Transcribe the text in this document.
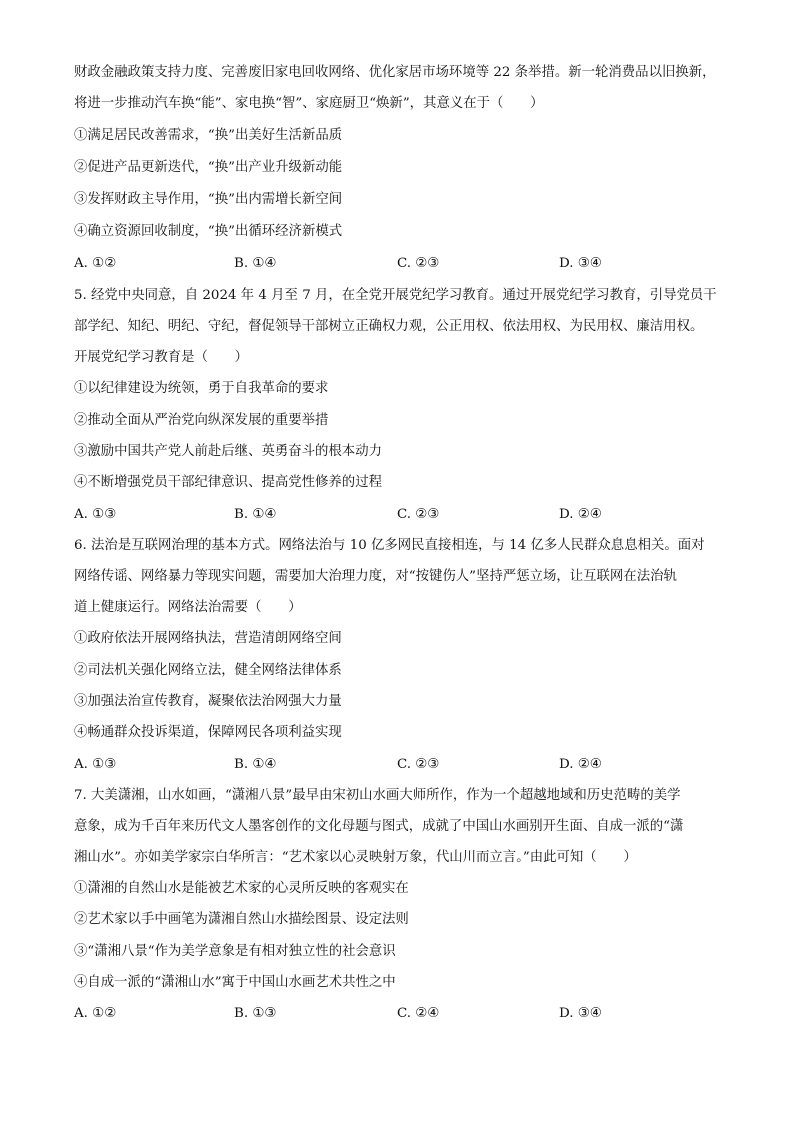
财政金融政策支持力度、完善废旧家电回收网络、优化家居市场环境等 22 条举措。新一轮消费品以旧换新，
将进一步推动汽车换“能”、家电换“智”、家庭厨卫“焕新”，其意义在于（　　）
①满足居民改善需求，“换”出美好生活新品质
②促进产品更新迭代，“换”出产业升级新动能
③发挥财政主导作用，“换”出内需增长新空间
④确立资源回收制度，“换”出循环经济新模式
A. ①②	B. ①④	C. ②③	D. ③④
5. 经党中央同意，自 2024 年 4 月至 7 月，在全党开展党纪学习教育。通过开展党纪学习教育，引导党员干
部学纪、知纪、明纪、守纪，督促领导干部树立正确权力观，公正用权、依法用权、为民用权、廉洁用权。
开展党纪学习教育是（　　）
①以纪律建设为统领，勇于自我革命的要求
②推动全面从严治党向纵深发展的重要举措
③激励中国共产党人前赴后继、英勇奋斗的根本动力
④不断增强党员干部纪律意识、提高党性修养的过程
A. ①③	B. ①④	C. ②③	D. ②④
6. 法治是互联网治理的基本方式。网络法治与 10 亿多网民直接相连，与 14 亿多人民群众息息相关。面对
网络传谣、网络暴力等现实问题，需要加大治理力度，对“按键伤人”坚持严惩立场，让互联网在法治轨
道上健康运行。网络法治需要（　　）
①政府依法开展网络执法，营造清朗网络空间
②司法机关强化网络立法，健全网络法律体系
③加强法治宣传教育，凝聚依法治网强大力量
④畅通群众投诉渠道，保障网民各项利益实现
A. ①③	B. ①④	C. ②③	D. ②④
7. 大美潇湘，山水如画，“潇湘八景”最早由宋初山水画大师所作，作为一个超越地域和历史范畴的美学
意象，成为千百年来历代文人墨客创作的文化母题与图式，成就了中国山水画别开生面、自成一派的“潇
湘山水”。亦如美学家宗白华所言：“艺术家以心灵映射万象，代山川而立言。”由此可知（　　）
①潇湘的自然山水是能被艺术家的心灵所反映的客观实在
②艺术家以手中画笔为潇湘自然山水描绘图景、设定法则
③“潇湘八景“作为美学意象是有相对独立性的社会意识
④自成一派的“潇湘山水”寓于中国山水画艺术共性之中
A. ①②	B. ①③	C. ②④	D. ③④
